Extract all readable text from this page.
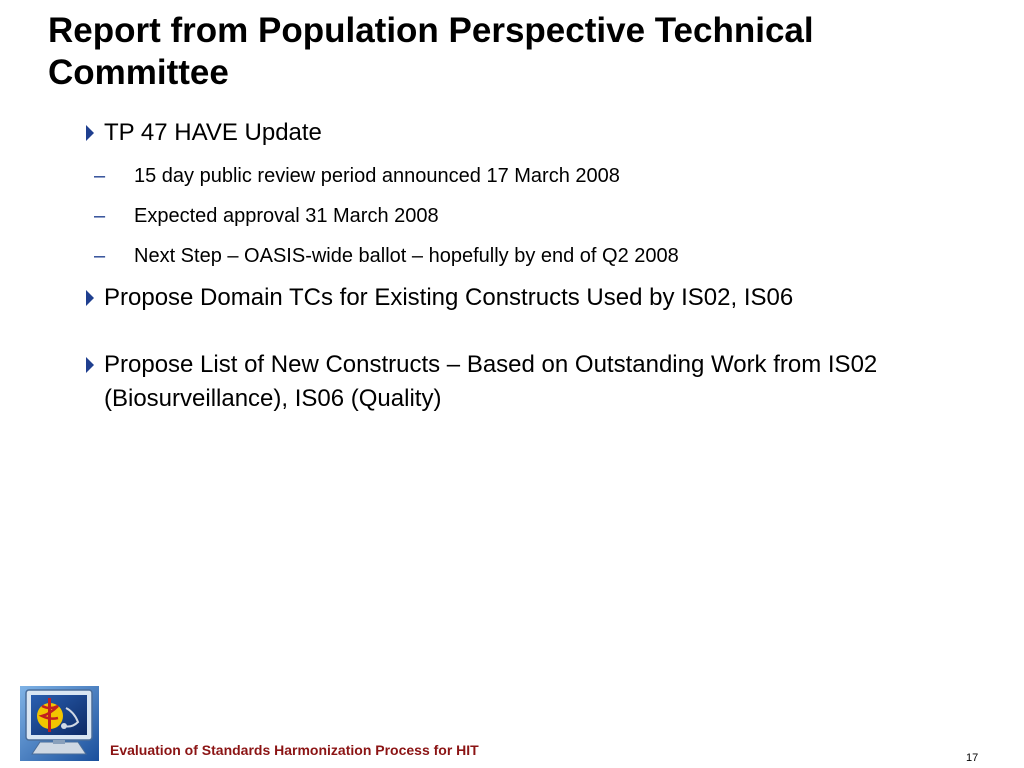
Report from Population Perspective Technical Committee
TP 47 HAVE Update
– 15 day public review period announced 17 March 2008
– Expected approval 31 March 2008
– Next Step – OASIS-wide ballot – hopefully by end of Q2 2008
Propose Domain TCs for Existing Constructs Used by IS02, IS06
Propose List of New Constructs – Based on Outstanding Work from IS02 (Biosurveillance), IS06 (Quality)
Evaluation of Standards Harmonization Process for HIT	17
